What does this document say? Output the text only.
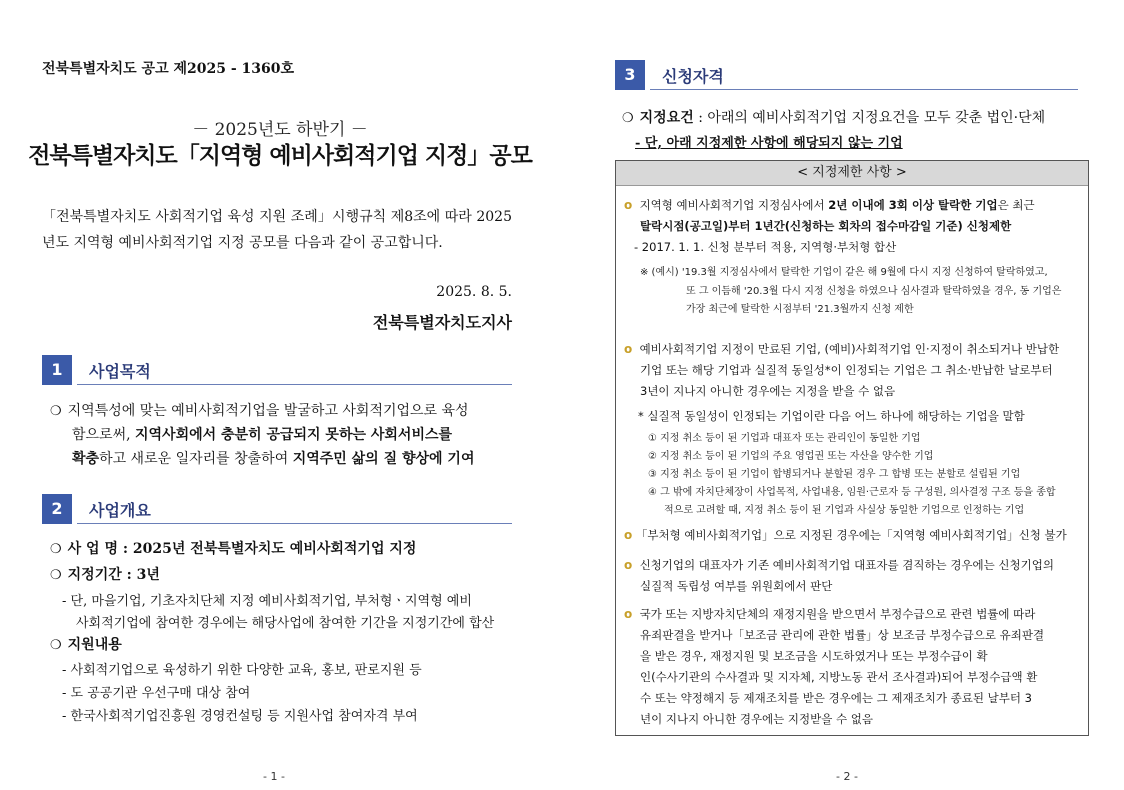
전북특별자치도 공고 제2025 - 1360호
－ 2025년도 하반기 －
전북특별자치도「지역형 예비사회적기업 지정」공모
「전북특별자치도 사회적기업 육성 지원 조례」시행규칙 제8조에 따라 2025년도 지역형 예비사회적기업 지정 공모를 다음과 같이 공고합니다.
2025. 8. 5.
전북특별자치도지사
1	사업목적
❍ 지역특성에 맞는 예비사회적기업을 발굴하고 사회적기업으로 육성
함으로써, 지역사회에서 충분히 공급되지 못하는 사회서비스를
확충하고 새로운 일자리를 창출하여 지역주민 삶의 질 향상에 기여
2	사업개요
❍ 사 업 명 : 2025년 전북특별자치도 예비사회적기업 지정
❍ 지정기간 : 3년
- 단, 마을기업, 기초자치단체 지정 예비사회적기업, 부처형ㆍ지역형 예비
사회적기업에 참여한 경우에는 해당사업에 참여한 기간을 지정기간에 합산
❍ 지원내용
- 사회적기업으로 육성하기 위한 다양한 교육, 홍보, 판로지원 등
- 도 공공기관 우선구매 대상 참여
- 한국사회적기업진흥원 경영컨설팅 등 지원사업 참여자격 부여
- 1 -
3	신청자격
❍ 지정요건 : 아래의 예비사회적기업 지정요건을 모두 갖춘 법인·단체
- 단, 아래 지정제한 사항에 해당되지 않는 기업
< 지정제한 사항 >
o 지역형 예비사회적기업 지정심사에서 2년 이내에 3회 이상 탈락한 기업은 최근
탈락시점(공고일)부터 1년간(신청하는 회차의 접수마감일 기준) 신청제한
- 2017. 1. 1. 신청 분부터 적용, 지역형·부처형 합산
※ (예시) '19.3월 지정심사에서 탈락한 기업이 같은 해 9월에 다시 지정 신청하여 탈락하였고,
또 그 이듬해 '20.3월 다시 지정 신청을 하였으나 심사결과 탈락하였을 경우, 동 기업은
가장 최근에 탈락한 시점부터 '21.3월까지 신청 제한
o 예비사회적기업 지정이 만료된 기업, (예비)사회적기업 인·지정이 취소되거나 반납한
기업 또는 해당 기업과 실질적 동일성*이 인정되는 기업은 그 취소·반납한 날로부터
3년이 지나지 아니한 경우에는 지정을 받을 수 없음
* 실질적 동일성이 인정되는 기업이란 다음 어느 하나에 해당하는 기업을 말함
① 지정 취소 등이 된 기업과 대표자 또는 관리인이 동일한 기업
② 지정 취소 등이 된 기업의 주요 영업권 또는 자산을 양수한 기업
③ 지정 취소 등이 된 기업이 합병되거나 분할된 경우 그 합병 또는 분할로 설립된 기업
④ 그 밖에 자치단체장이 사업목적, 사업내용, 임원·근로자 등 구성원, 의사결정 구조 등을 종합
적으로 고려할 때, 지정 취소 등이 된 기업과 사실상 동일한 기업으로 인정하는 기업
o 「부처형 예비사회적기업」으로 지정된 경우에는「지역형 예비사회적기업」신청 불가
o 신청기업의 대표자가 기존 예비사회적기업 대표자를 겸직하는 경우에는 신청기업의
실질적 독립성 여부를 위원회에서 판단
o 국가 또는 지방자치단체의 재정지원을 받으면서 부정수급으로 관련 법률에 따라
유죄판결을 받거나「보조금 관리에 관한 법률」상 보조금 부정수급으로 유죄판결
을 받은 경우, 재정지원 및 보조금을 시도하였거나 또는 부정수급이 확
인(수사기관의 수사결과 및 지자체, 지방노동 관서 조사결과)되어 부정수급액 환
수 또는 약정해지 등 제재조치를 받은 경우에는 그 제재조치가 종료된 날부터 3
년이 지나지 아니한 경우에는 지정받을 수 없음
- 2 -
